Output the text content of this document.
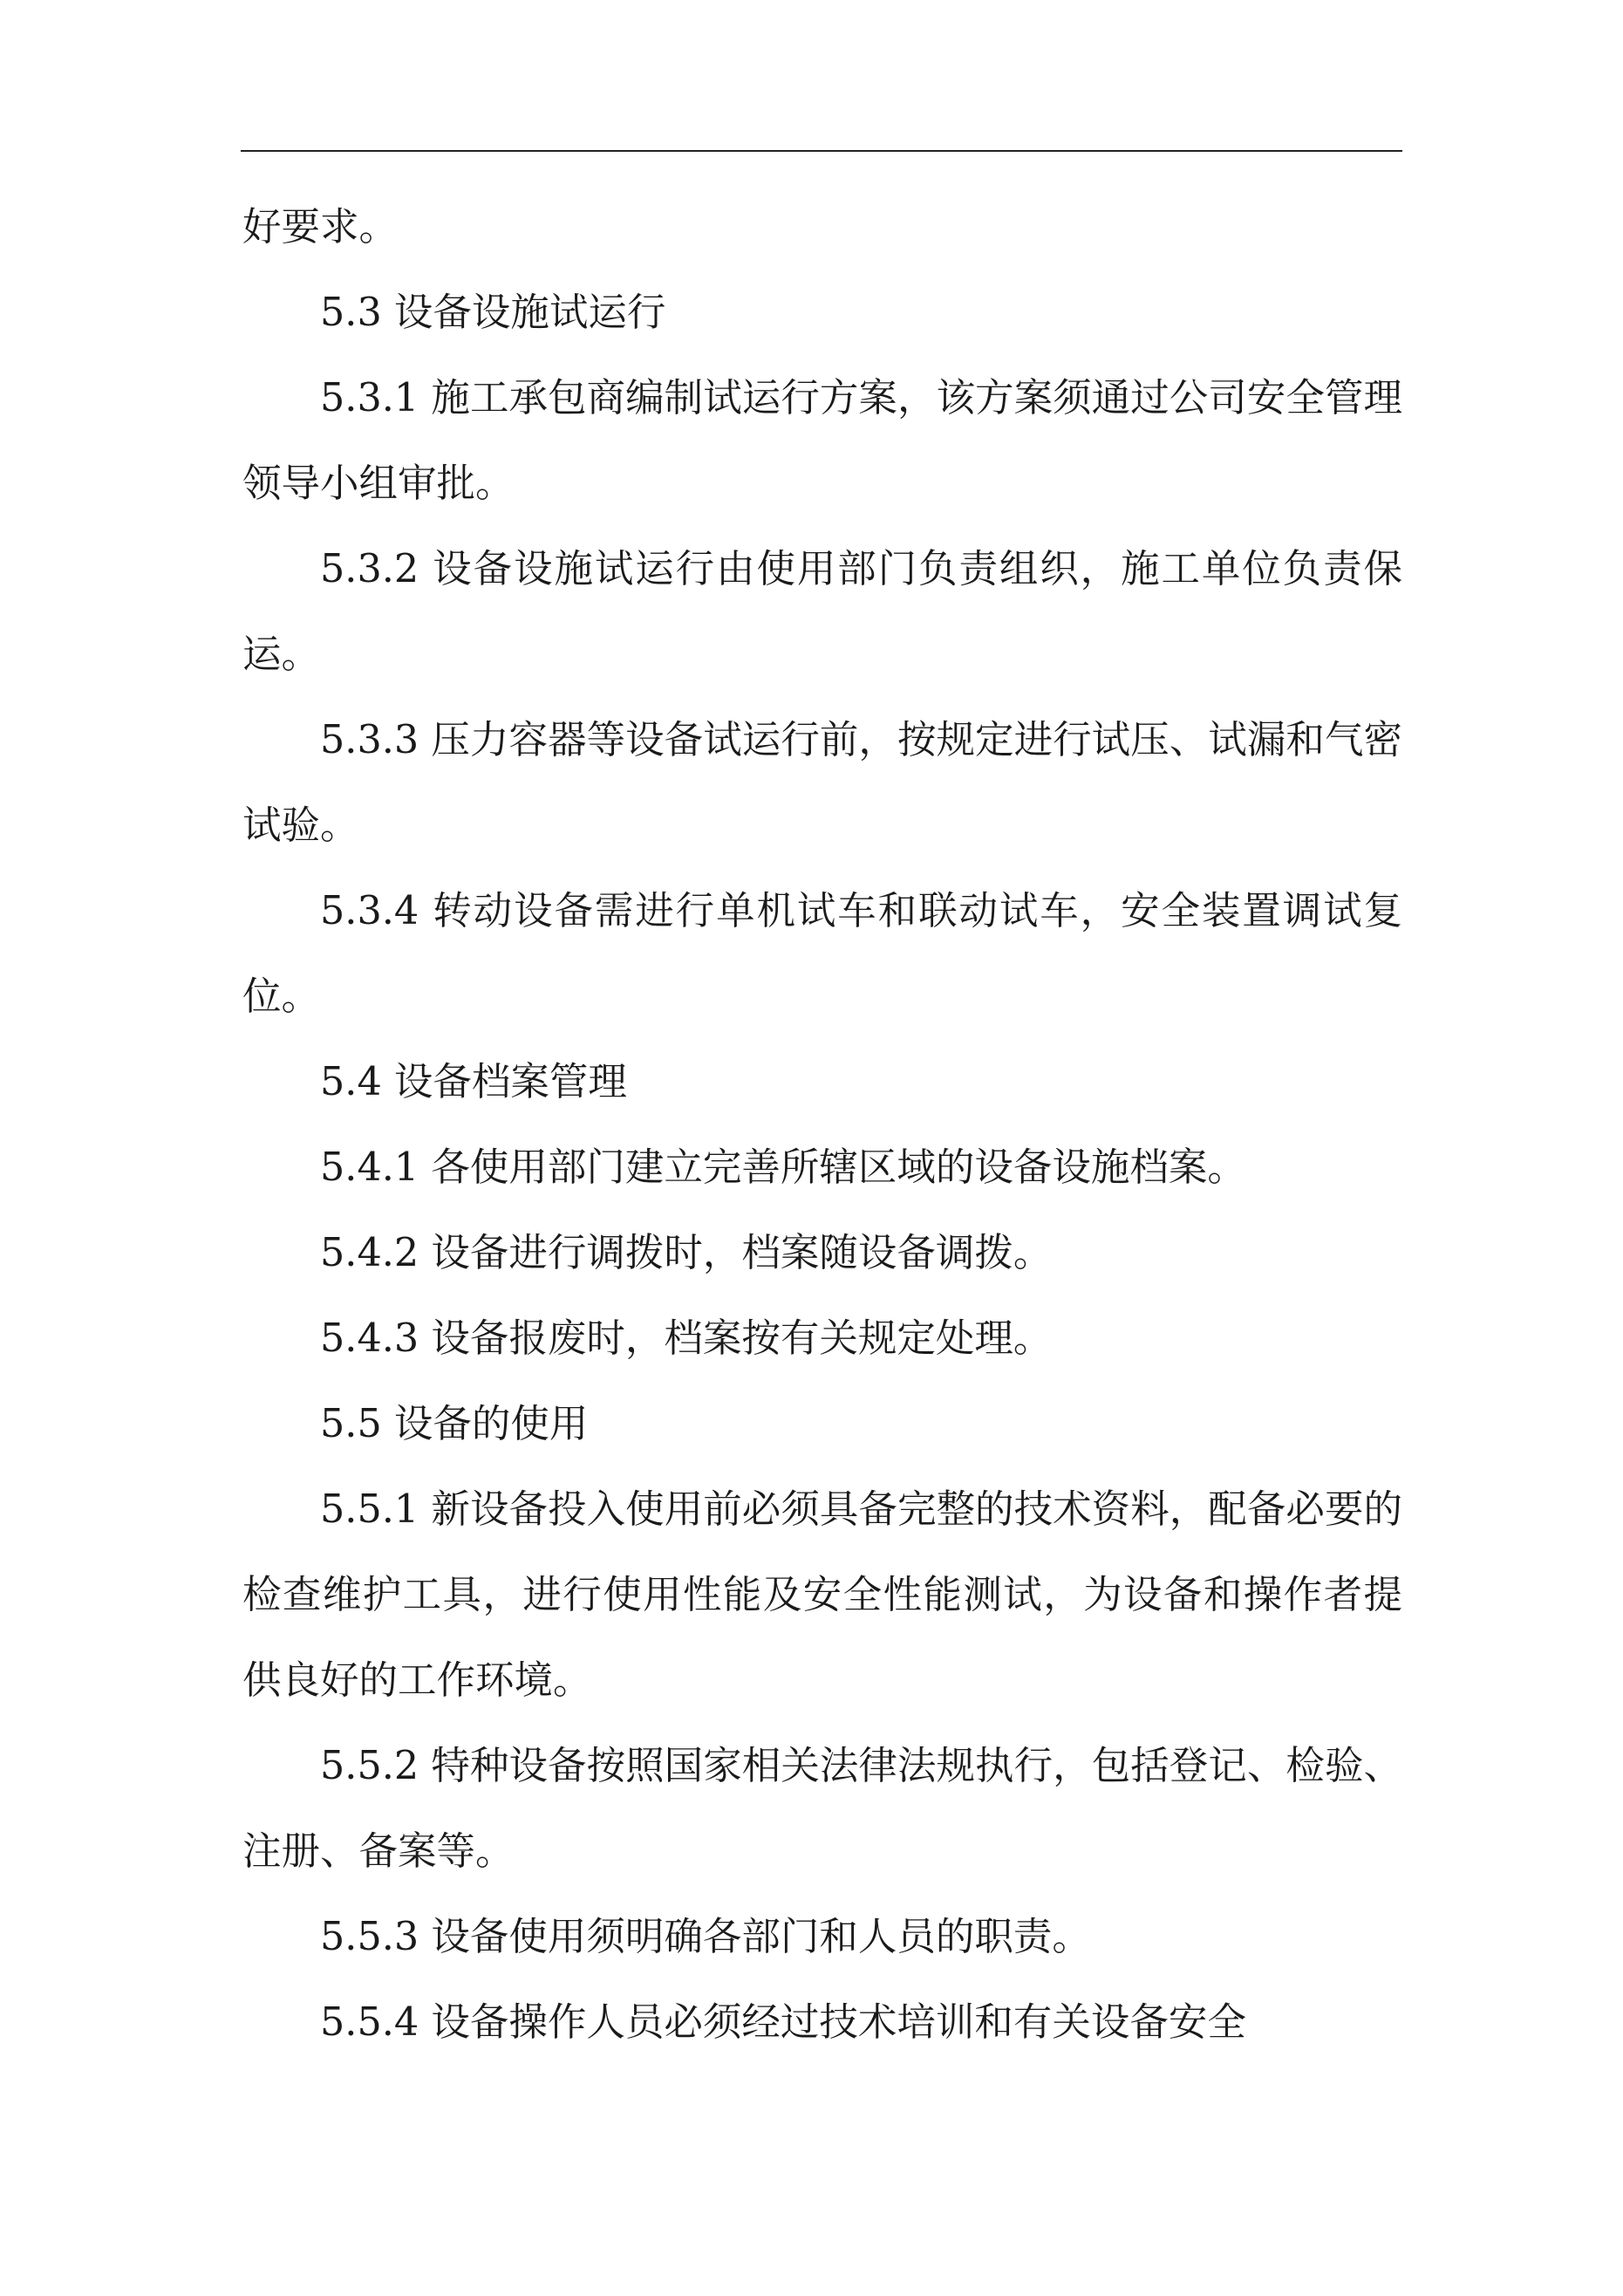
好要求。

5.3 设备设施试运行

5.3.1 施工承包商编制试运行方案，该方案须通过公司安全管理领导小组审批。

5.3.2 设备设施试运行由使用部门负责组织，施工单位负责保运。

5.3.3 压力容器等设备试运行前，按规定进行试压、试漏和气密试验。

5.3.4 转动设备需进行单机试车和联动试车，安全装置调试复位。

5.4 设备档案管理

5.4.1 各使用部门建立完善所辖区域的设备设施档案。

5.4.2 设备进行调拨时，档案随设备调拨。

5.4.3 设备报废时，档案按有关规定处理。

5.5 设备的使用

5.5.1 新设备投入使用前必须具备完整的技术资料，配备必要的检查维护工具，进行使用性能及安全性能测试，为设备和操作者提供良好的工作环境。

5.5.2 特种设备按照国家相关法律法规执行，包括登记、检验、注册、备案等。

5.5.3 设备使用须明确各部门和人员的职责。

5.5.4 设备操作人员必须经过技术培训和有关设备安全
